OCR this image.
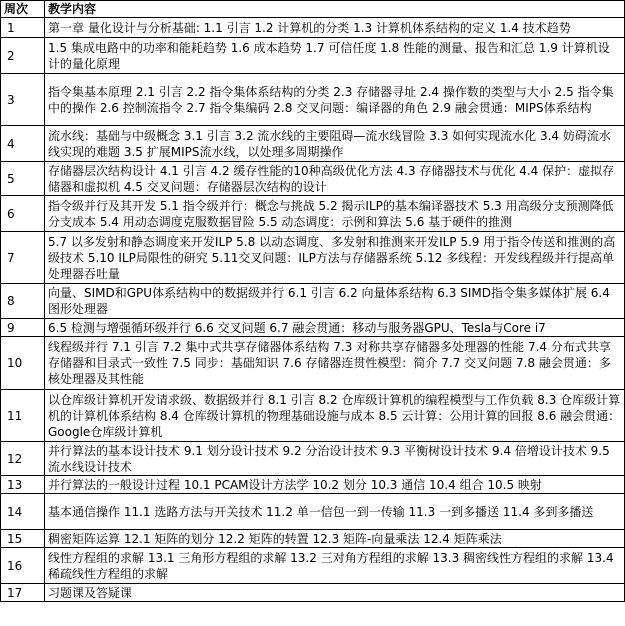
周次	教学内容
1	第一章 量化设计与分析基础: 1.1 引言 1.2 计算机的分类 1.3 计算机体系结构的定义 1.4 技术趋势
2	1.5 集成电路中的功率和能耗趋势 1.6 成本趋势 1.7 可信任度 1.8 性能的测量、报告和汇总 1.9 计算机设计的量化原理
3	指令集基本原理 2.1 引言 2.2 指令集体系结构的分类 2.3 存储器寻址 2.4 操作数的类型与大小 2.5 指令集中的操作 2.6 控制流指令 2.7 指令集编码 2.8 交叉问题：编译器的角色 2.9 融会贯通：MIPS体系结构
4	流水线：基础与中级概念 3.1 引言 3.2 流水线的主要阻碍—流水线冒险 3.3 如何实现流水化 3.4 妨碍流水线实现的难题 3.5 扩展MIPS流水线，以处理多周期操作
5	存储器层次结构设计 4.1 引言 4.2 缓存性能的10种高级优化方法 4.3 存储器技术与优化 4.4 保护：虚拟存储器和虚拟机 4.5 交叉问题：存储器层次结构的设计
6	指令级并行及其开发 5.1 指令级并行：概念与挑战 5.2 揭示ILP的基本编译器技术 5.3 用高级分支预测降低分支成本 5.4 用动态调度克服数据冒险 5.5 动态调度：示例和算法 5.6 基于硬件的推测
7	5.7 以多发射和静态调度来开发ILP 5.8 以动态调度、多发射和推测来开发ILP 5.9 用于指令传送和推测的高级技术 5.10 ILP局限性的研究 5.11交叉问题：ILP方法与存储器系统 5.12 多线程：开发线程级并行提高单处理器吞吐量
8	向量、SIMD和GPU体系结构中的数据级并行 6.1 引言 6.2 向量体系结构 6.3 SIMD指令集多媒体扩展 6.4 图形处理器
9	6.5 检测与增强循环级并行 6.6 交叉问题 6.7 融会贯通：移动与服务器GPU、Tesla与Core i7
10	线程级并行 7.1 引言 7.2 集中式共享存储器体系结构 7.3 对称共享存储器多处理器的性能 7.4 分布式共享存储器和目录式一致性 7.5 同步：基础知识 7.6 存储器连贯性模型：简介 7.7 交叉问题 7.8 融会贯通：多核处理器及其性能
11	以仓库级计算机开发请求级、数据级并行 8.1 引言 8.2 仓库级计算机的编程模型与工作负载 8.3 仓库级计算机的计算机体系结构 8.4 仓库级计算机的物理基础设施与成本 8.5 云计算：公用计算的回报 8.6 融会贯通：Google仓库级计算机
12	并行算法的基本设计技术 9.1 划分设计技术 9.2 分治设计技术 9.3 平衡树设计技术 9.4 倍增设计技术 9.5 流水线设计技术
13	并行算法的一般设计过程 10.1 PCAM设计方法学 10.2 划分 10.3 通信 10.4 组合 10.5 映射
14	基本通信操作 11.1 选路方法与开关技术 11.2 单一信包一到一传输 11.3 一到多播送 11.4 多到多播送
15	稠密矩阵运算 12.1 矩阵的划分 12.2 矩阵的转置 12.3 矩阵-向量乘法 12.4 矩阵乘法
16	线性方程组的求解 13.1 三角形方程组的求解 13.2 三对角方程组的求解 13.3 稠密线性方程组的求解 13.4 稀疏线性方程组的求解
17	习题课及答疑课
